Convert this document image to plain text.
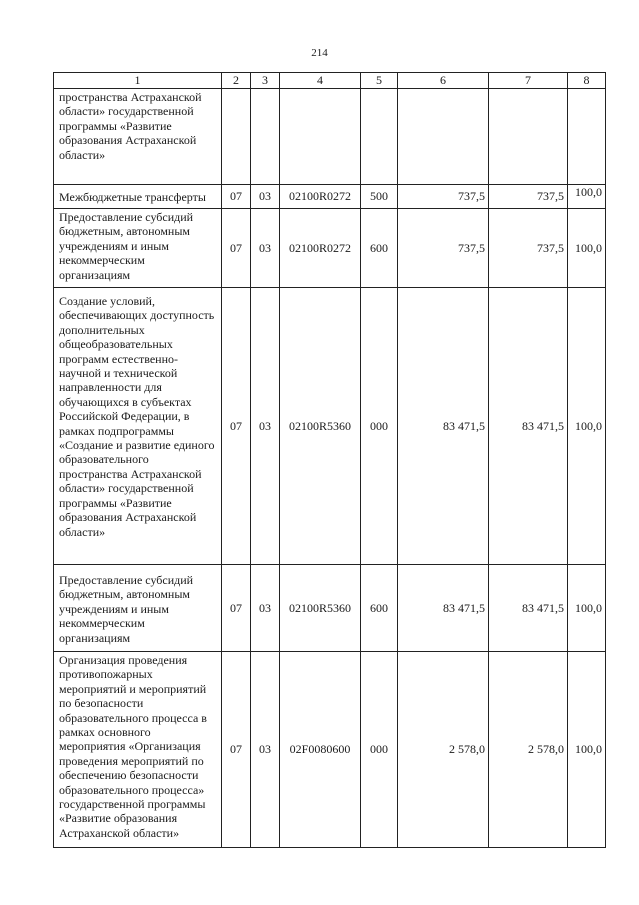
214
1	2	3	4	5	6	7	8
пространства Астраханской области» государственной программы «Развитие образования Астраханской области»							
Межбюджетные трансферты	07	03	02100R0272	500	737,5	737,5	100,0
Предоставление субсидий бюджетным, автономным учреждениям и иным некоммерческим организациям	07	03	02100R0272	600	737,5	737,5	100,0
Создание условий, обеспечивающих доступность дополнительных общеобразовательных программ естественно-научной и технической направленности для обучающихся в субъектах Российской Федерации, в рамках подпрограммы «Создание и развитие единого образовательного пространства Астраханской области» государственной программы «Развитие образования Астраханской области»	07	03	02100R5360	000	83 471,5	83 471,5	100,0
Предоставление субсидий бюджетным, автономным учреждениям и иным некоммерческим организациям	07	03	02100R5360	600	83 471,5	83 471,5	100,0
Организация проведения противопожарных мероприятий и мероприятий по безопасности образовательного процесса в рамках основного мероприятия «Организация проведения мероприятий по обеспечению безопасности образовательного процесса» государственной программы «Развитие образования Астраханской области»	07	03	02F0080600	000	2 578,0	2 578,0	100,0
